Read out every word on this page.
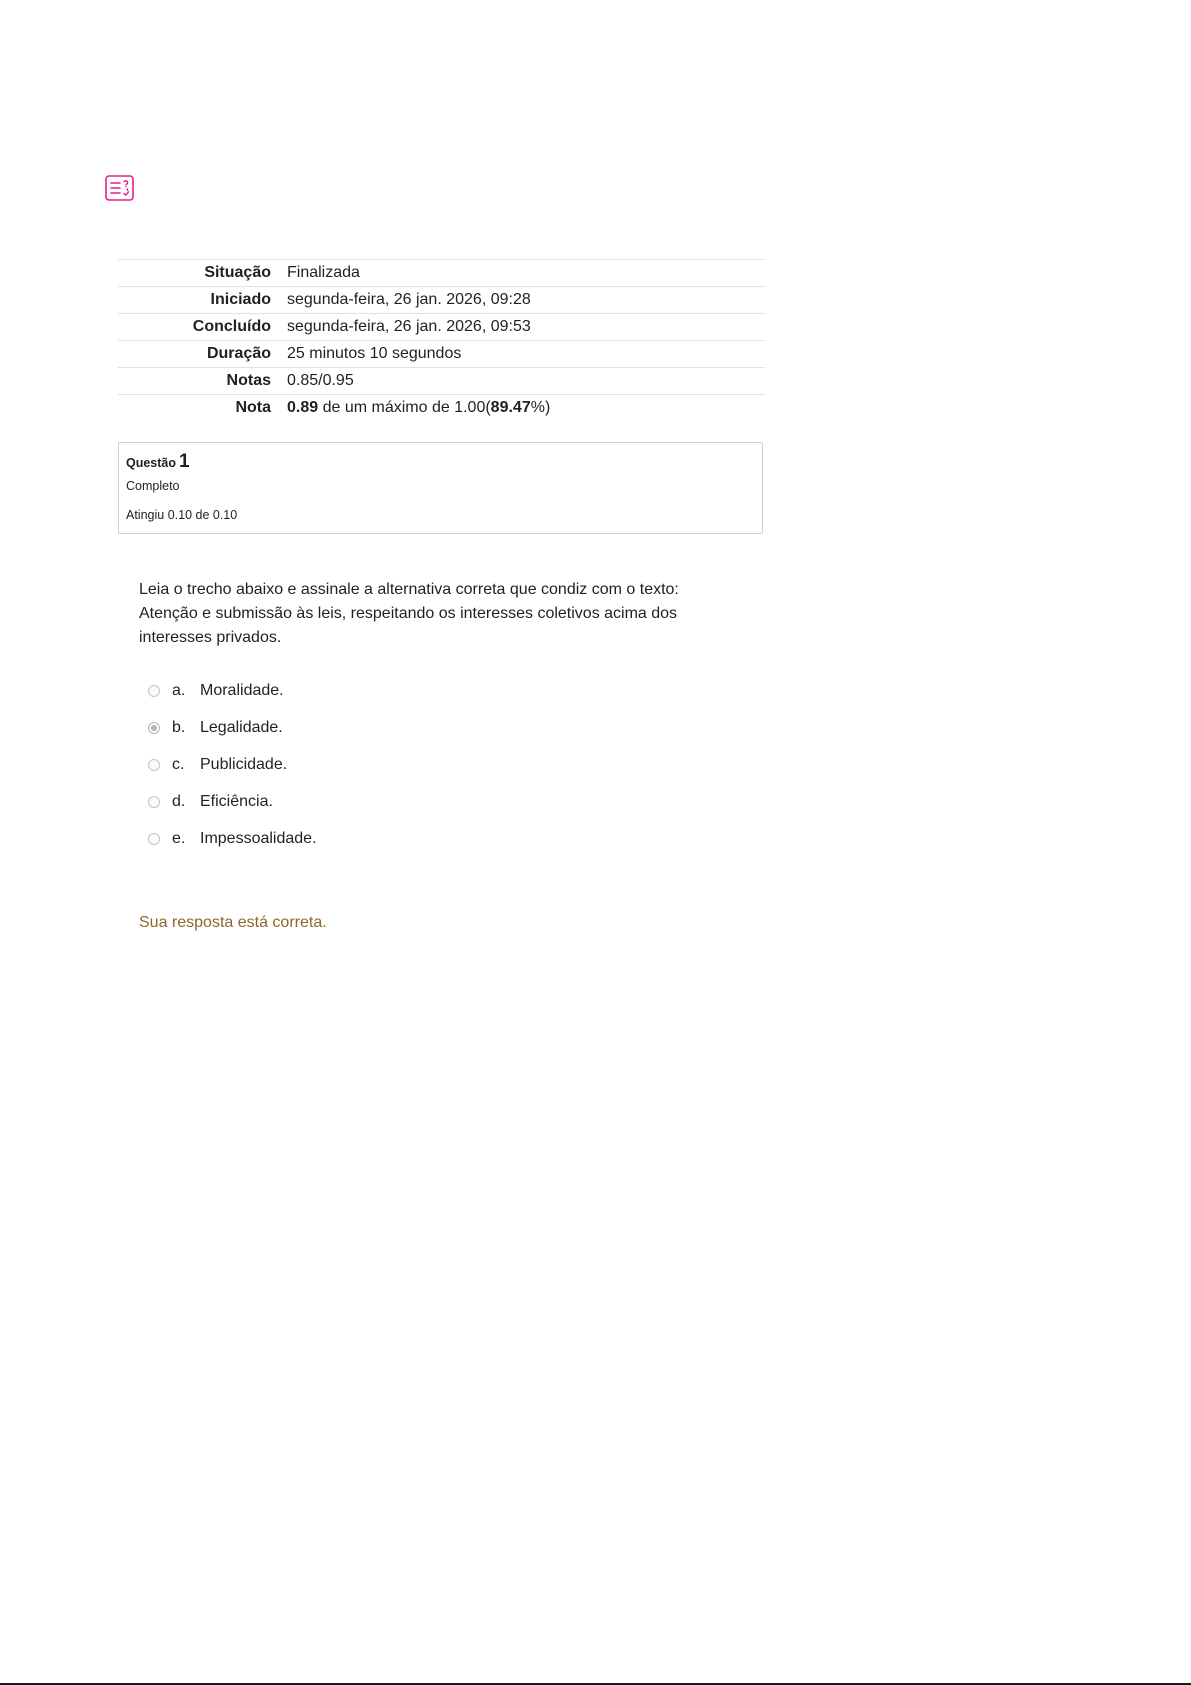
Situação	Finalizada
Iniciado	segunda-feira, 26 jan. 2026, 09:28
Concluído	segunda-feira, 26 jan. 2026, 09:53
Duração	25 minutos 10 segundos
Notas	0.85/0.95
Nota	0.89 de um máximo de 1.00(89.47%)
Questão 1
Completo
Atingiu 0.10 de 0.10

Leia o trecho abaixo e assinale a alternativa correta que condiz com o texto:

Atenção e submissão às leis, respeitando os interesses coletivos acima dos interesses privados.

a. Moralidade.
b. Legalidade.
c. Publicidade.
d. Eficiência.
e. Impessoalidade.
Sua resposta está correta.
